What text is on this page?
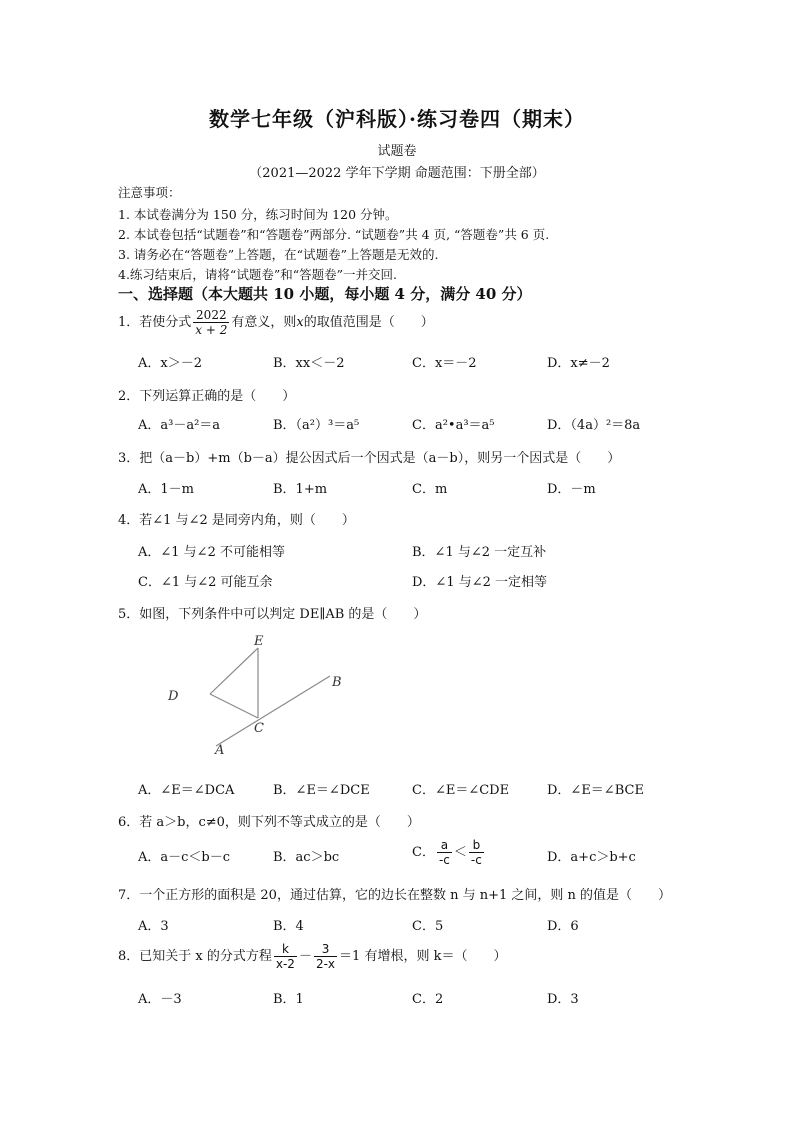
数学七年级（沪科版）·练习卷四（期末）
试题卷
（2021—2022 学年下学期 命题范围：下册全部）
注意事项：
1. 本试卷满分为 150 分，练习时间为 120 分钟。
2. 本试卷包括“试题卷”和“答题卷”两部分. “试题卷”共 4 页, “答题卷”共 6 页.
3. 请务必在“答题卷”上答题，在“试题卷”上答题是无效的.
4.练习结束后，请将“试题卷”和“答题卷”一并交回.
一、选择题（本大题共 10 小题，每小题 4 分，满分 40 分）
1．若使分式 $\frac{2022}{x + 2}$ 有意义，则x的取值范围是（　　）
A．x＞－2	B．xx＜－2	C．x＝－2	D．x≠－2
2．下列运算正确的是（　　）
A．a³－a²＝a	B．（a²）³＝a⁵	C．a²•a³＝a⁵	D．（4a）²＝8a
3．把（a－b）+m（b－a）提公因式后一个因式是（a－b），则另一个因式是（　　）
A．1－m	B．1+m	C．m	D．－m
4．若∠1 与∠2 是同旁内角，则（　　）
A．∠1 与∠2 不可能相等	B．∠1 与∠2 一定互补
C．∠1 与∠2 可能互余	D．∠1 与∠2 一定相等
5．如图，下列条件中可以判定 DE∥AB 的是（　　）
E
B
D
C
A
A．∠E＝∠DCA	B．∠E＝∠DCE	C．∠E＝∠CDE	D．∠E＝∠BCE
6．若 a＞b，c≠0，则下列不等式成立的是（　　）
A．a－c＜b－c	B．ac＞bc	C． $\frac{a}{-c} < \frac{b}{-c}$	D．a+c＞b+c
7．一个正方形的面积是 20，通过估算，它的边长在整数 n 与 n+1 之间，则 n 的值是（　　）
A．3	B．4	C．5	D．6
8．已知关于 x 的分式方程 $\frac{k}{x-2} - \frac{3}{2-x} =1$ 有增根，则 k＝（　　）
A．－3	B．1	C．2	D．3
